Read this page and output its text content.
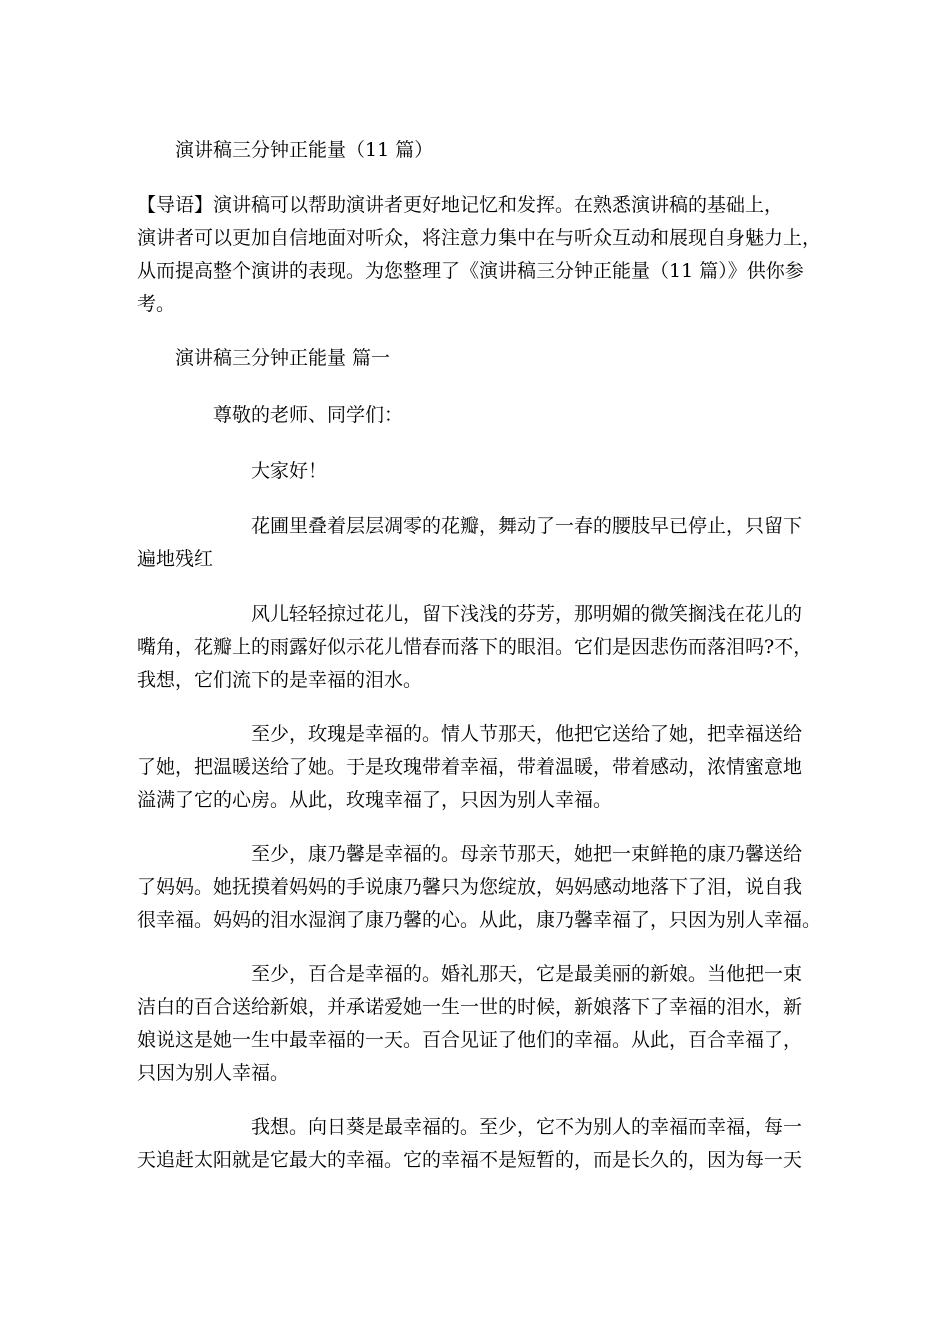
演讲稿三分钟正能量（11 篇）
【导语】演讲稿可以帮助演讲者更好地记忆和发挥。在熟悉演讲稿的基础上，
演讲者可以更加自信地面对听众，将注意力集中在与听众互动和展现自身魅力上，
从而提高整个演讲的表现。为您整理了《演讲稿三分钟正能量（11 篇）》供你参
考。
演讲稿三分钟正能量 篇一
尊敬的老师、同学们：
大家好！
花圃里叠着层层凋零的花瓣，舞动了一春的腰肢早已停止，只留下
遍地残红
风儿轻轻掠过花儿，留下浅浅的芬芳，那明媚的微笑搁浅在花儿的
嘴角，花瓣上的雨露好似示花儿惜春而落下的眼泪。它们是因悲伤而落泪吗?不，
我想，它们流下的是幸福的泪水。
至少，玫瑰是幸福的。情人节那天，他把它送给了她，把幸福送给
了她，把温暖送给了她。于是玫瑰带着幸福，带着温暖，带着感动，浓情蜜意地
溢满了它的心房。从此，玫瑰幸福了，只因为别人幸福。
至少，康乃馨是幸福的。母亲节那天，她把一束鲜艳的康乃馨送给
了妈妈。她抚摸着妈妈的手说康乃馨只为您绽放，妈妈感动地落下了泪，说自我
很幸福。妈妈的泪水湿润了康乃馨的心。从此，康乃馨幸福了，只因为别人幸福。
至少，百合是幸福的。婚礼那天，它是最美丽的新娘。当他把一束
洁白的百合送给新娘，并承诺爱她一生一世的时候，新娘落下了幸福的泪水，新
娘说这是她一生中最幸福的一天。百合见证了他们的幸福。从此，百合幸福了，
只因为别人幸福。
我想。向日葵是最幸福的。至少，它不为别人的幸福而幸福，每一
天追赶太阳就是它最大的幸福。它的幸福不是短暂的，而是长久的，因为每一天
